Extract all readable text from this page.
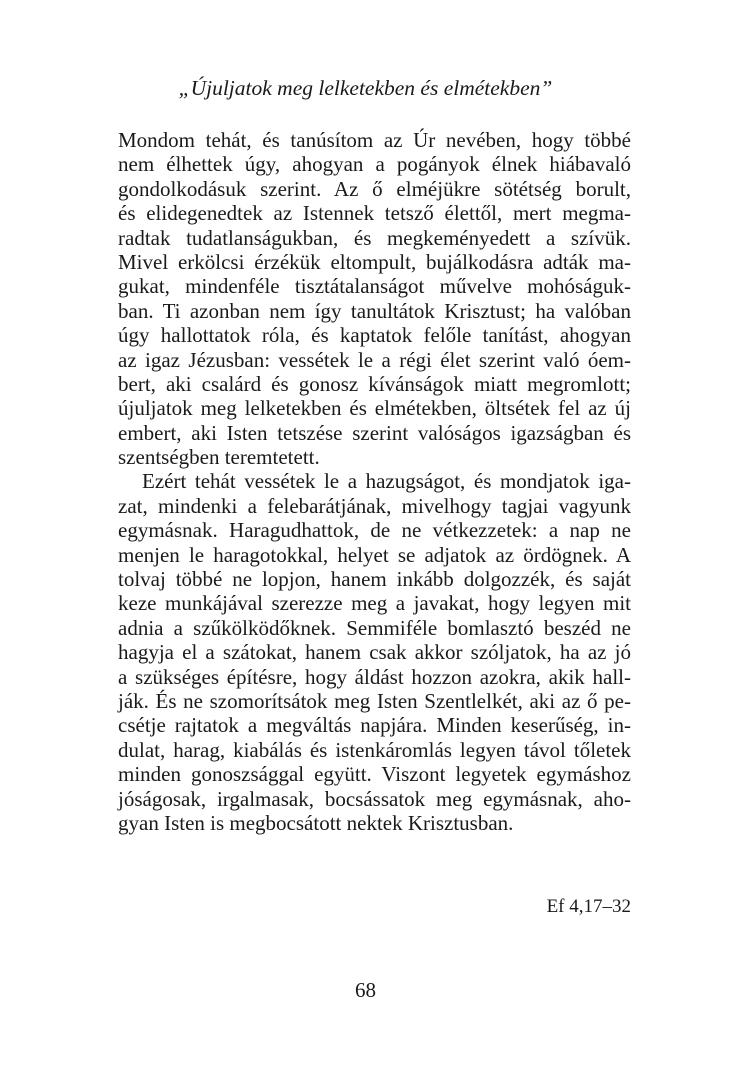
„Újuljatok meg lelketekben és elmétekben”
Mondom tehát, és tanúsítom az Úr nevében, hogy többé
nem élhettek úgy, ahogyan a pogányok élnek hiábavaló
gondolkodásuk szerint. Az ő elméjükre sötétség borult,
és elidegenedtek az Istennek tetsző élettől, mert megma-
radtak tudatlanságukban, és megkeményedett a szívük.
Mivel erkölcsi érzékük eltompult, bujálkodásra adták ma-
gukat, mindenféle tisztátalanságot művelve mohóságuk-
ban. Ti azonban nem így tanultátok Krisztust; ha valóban
úgy hallottatok róla, és kaptatok felőle tanítást, ahogyan
az igaz Jézusban: vessétek le a régi élet szerint való óem-
bert, aki csalárd és gonosz kívánságok miatt megromlott;
újuljatok meg lelketekben és elmétekben, öltsétek fel az új
embert, aki Isten tetszése szerint valóságos igazságban és
szentségben teremtetett.
Ezért tehát vessétek le a hazugságot, és mondjatok iga-
zat, mindenki a felebarátjának, mivelhogy tagjai vagyunk
egymásnak. Haragudhattok, de ne vétkezzetek: a nap ne
menjen le haragotokkal, helyet se adjatok az ördögnek. A
tolvaj többé ne lopjon, hanem inkább dolgozzék, és saját
keze munkájával szerezze meg a javakat, hogy legyen mit
adnia a szűkölködőknek. Semmiféle bomlasztó beszéd ne
hagyja el a szátokat, hanem csak akkor szóljatok, ha az jó
a szükséges építésre, hogy áldást hozzon azokra, akik hall-
ják. És ne szomorítsátok meg Isten Szentlelkét, aki az ő pe-
csétje rajtatok a megváltás napjára. Minden keserűség, in-
dulat, harag, kiabálás és istenkáromlás legyen távol tőletek
minden gonoszsággal együtt. Viszont legyetek egymáshoz
jóságosak, irgalmasak, bocsássatok meg egymásnak, aho-
gyan Isten is megbocsátott nektek Krisztusban.
Ef 4,17–32
68
